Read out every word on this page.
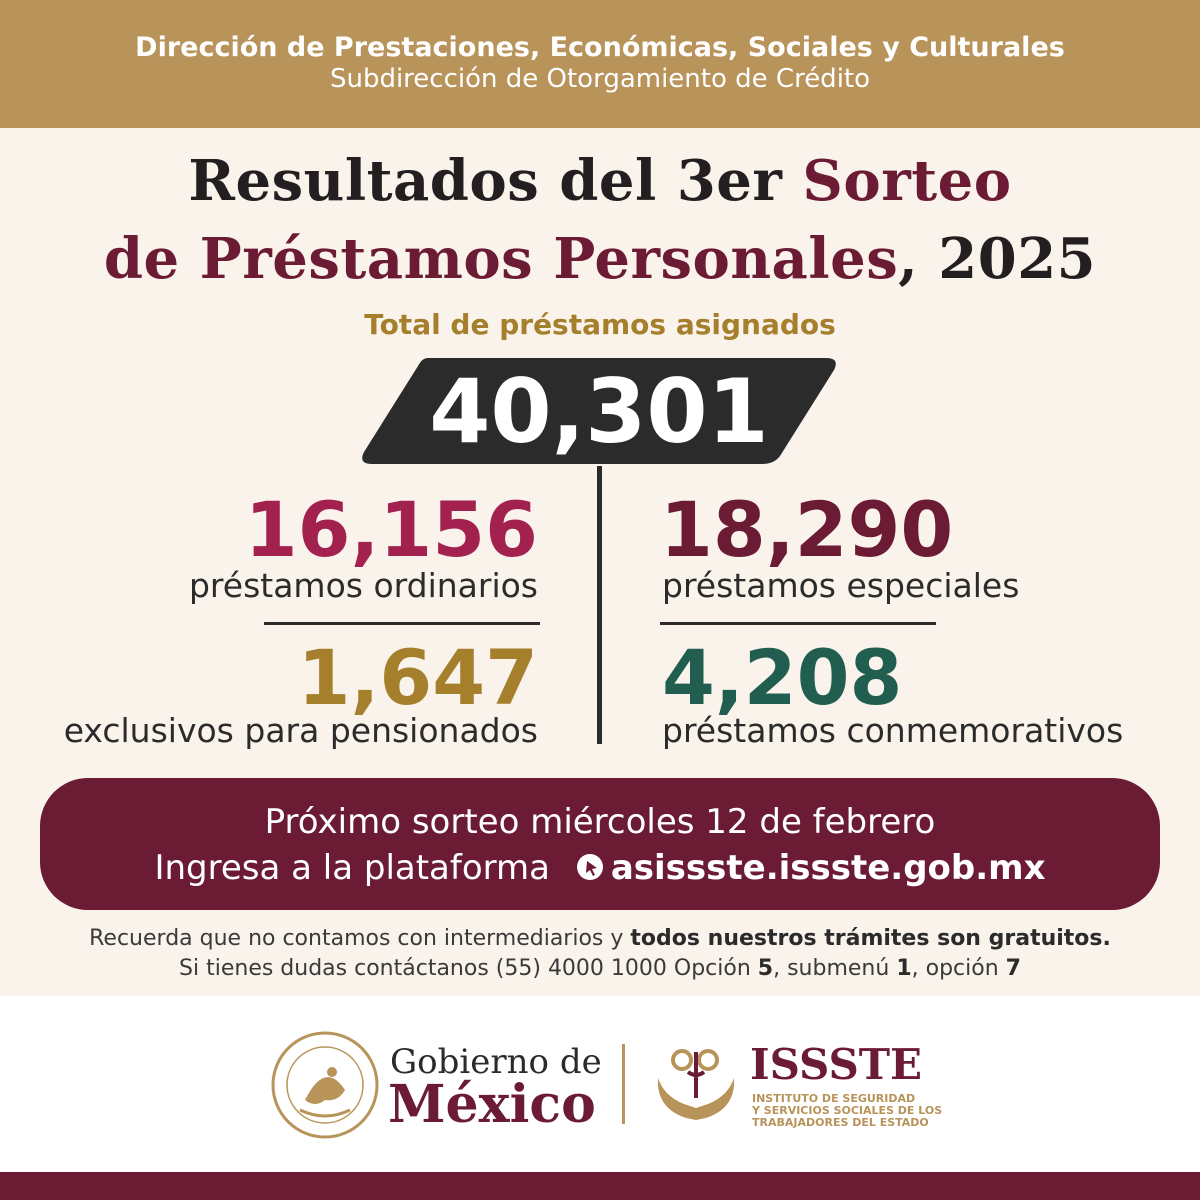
Dirección de Prestaciones, Económicas, Sociales y Culturales
Subdirección de Otorgamiento de Crédito
Resultados del 3er Sorteo
de Préstamos Personales, 2025
Total de préstamos asignados
40,301
16,156
préstamos ordinarios
18,290
préstamos especiales
1,647
exclusivos para pensionados
4,208
préstamos conmemorativos
Próximo sorteo miércoles 12 de febrero
Ingresa a la plataforma asissste.issste.gob.mx
Recuerda que no contamos con intermediarios y todos nuestros trámites son gratuitos.
Si tienes dudas contáctanos (55) 4000 1000 Opción 5, submenú 1, opción 7
Gobierno de
México
ISSSTE
INSTITUTO DE SEGURIDAD
Y SERVICIOS SOCIALES DE LOS
TRABAJADORES DEL ESTADO
